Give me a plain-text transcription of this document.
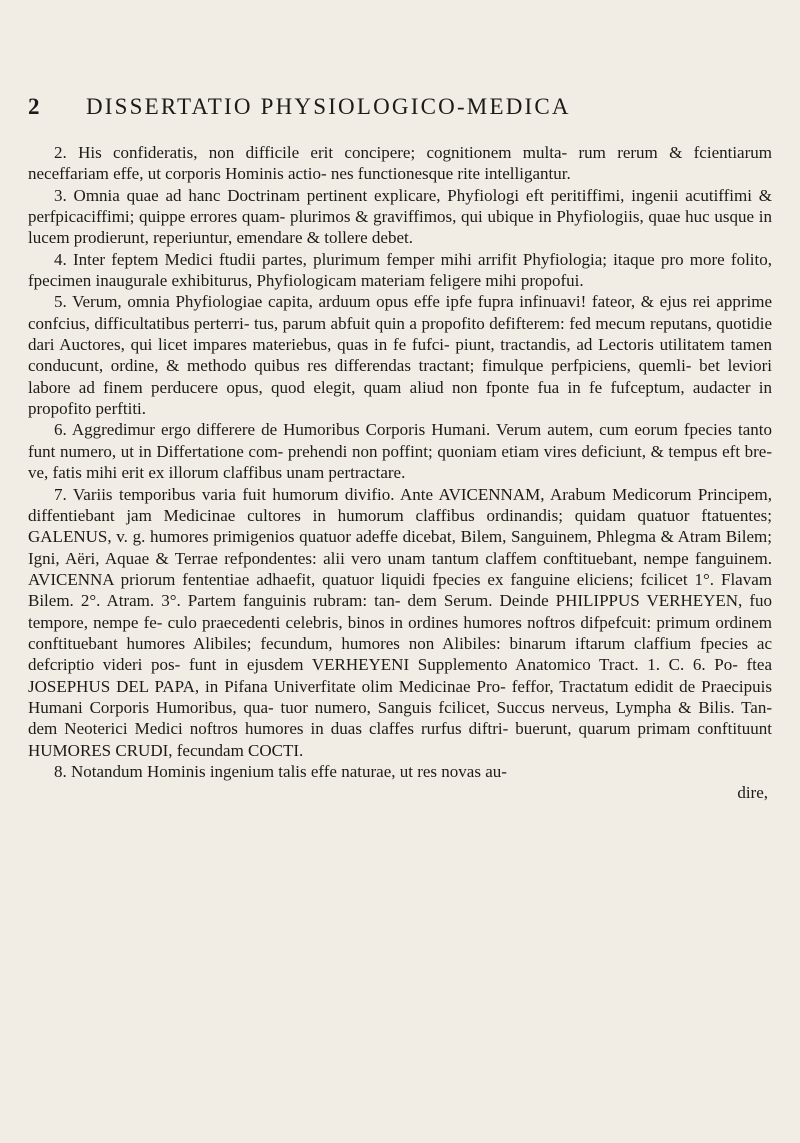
2	DISSERTATIO PHYSIOLOGICO-MEDICA

2. His confideratis, non difficile erit concipere; cognitionem multa- rum rerum & fcientiarum neceffariam effe, ut corporis Hominis actio- nes functionesque rite intelligantur.

3. Omnia quae ad hanc Doctrinam pertinent explicare, Phyfiologi eft peritiffimi, ingenii acutiffimi & perfpicaciffimi; quippe errores quam- plurimos & graviffimos, qui ubique in Phyfiologiis, quae huc usque in lucem prodierunt, reperiuntur, emendare & tollere debet.

4. Inter feptem Medici ftudii partes, plurimum femper mihi arrifit Phyfiologia; itaque pro more folito, fpecimen inaugurale exhibiturus, Phyfiologicam materiam feligere mihi propofui.

5. Verum, omnia Phyfiologiae capita, arduum opus effe ipfe fupra infinuavi! fateor, & ejus rei apprime confcius, difficultatibus perterri- tus, parum abfuit quin a propofito defifterem: fed mecum reputans, quotidie dari Auctores, qui licet impares materiebus, quas in fe fufci- piunt, tractandis, ad Lectoris utilitatem tamen conducunt, ordine, & methodo quibus res differendas tractant; fimulque perfpiciens, quemli- bet leviori labore ad finem perducere opus, quod elegit, quam aliud non fponte fua in fe fufceptum, audacter in propofito perftiti.

6. Aggredimur ergo differere de Humoribus Corporis Humani. Verum autem, cum eorum fpecies tanto funt numero, ut in Differtatione com- prehendi non poffint; quoniam etiam vires deficiunt, & tempus eft bre- ve, fatis mihi erit ex illorum claffibus unam pertractare.

7. Variis temporibus varia fuit humorum divifio. Ante AVICENNAM, Arabum Medicorum Principem, diffentiebant jam Medicinae cultores in humorum claffibus ordinandis; quidam quatuor ftatuentes; GALENUS, v. g. humores primigenios quatuor adeffe dicebat, Bilem, Sanguinem, Phlegma & Atram Bilem; Igni, Aëri, Aquae & Terrae refpondentes: alii vero unam tantum claffem conftituebant, nempe fanguinem. AVICENNA priorum fententiae adhaefit, quatuor liquidi fpecies ex fanguine eliciens; fcilicet 1°. Flavam Bilem. 2°. Atram. 3°. Partem fanguinis rubram: tan- dem Serum. Deinde PHILIPPUS VERHEYEN, fuo tempore, nempe fe- culo praecedenti celebris, binos in ordines humores noftros difpefcuit: primum ordinem conftituebant humores Alibiles; fecundum, humores non Alibiles: binarum iftarum claffium fpecies ac defcriptio videri pos- funt in ejusdem VERHEYENI Supplemento Anatomico Tract. 1. C. 6. Po- ftea JOSEPHUS DEL PAPA, in Pifana Univerfitate olim Medicinae Pro- feffor, Tractatum edidit de Praecipuis Humani Corporis Humoribus, qua- tuor numero, Sanguis fcilicet, Succus nerveus, Lympha & Bilis. Tan- dem Neoterici Medici noftros humores in duas claffes rurfus diftri- buerunt, quarum primam conftituunt HUMORES CRUDI, fecundam COCTI.

8. Notandum Hominis ingenium talis effe naturae, ut res novas au-

dire,
